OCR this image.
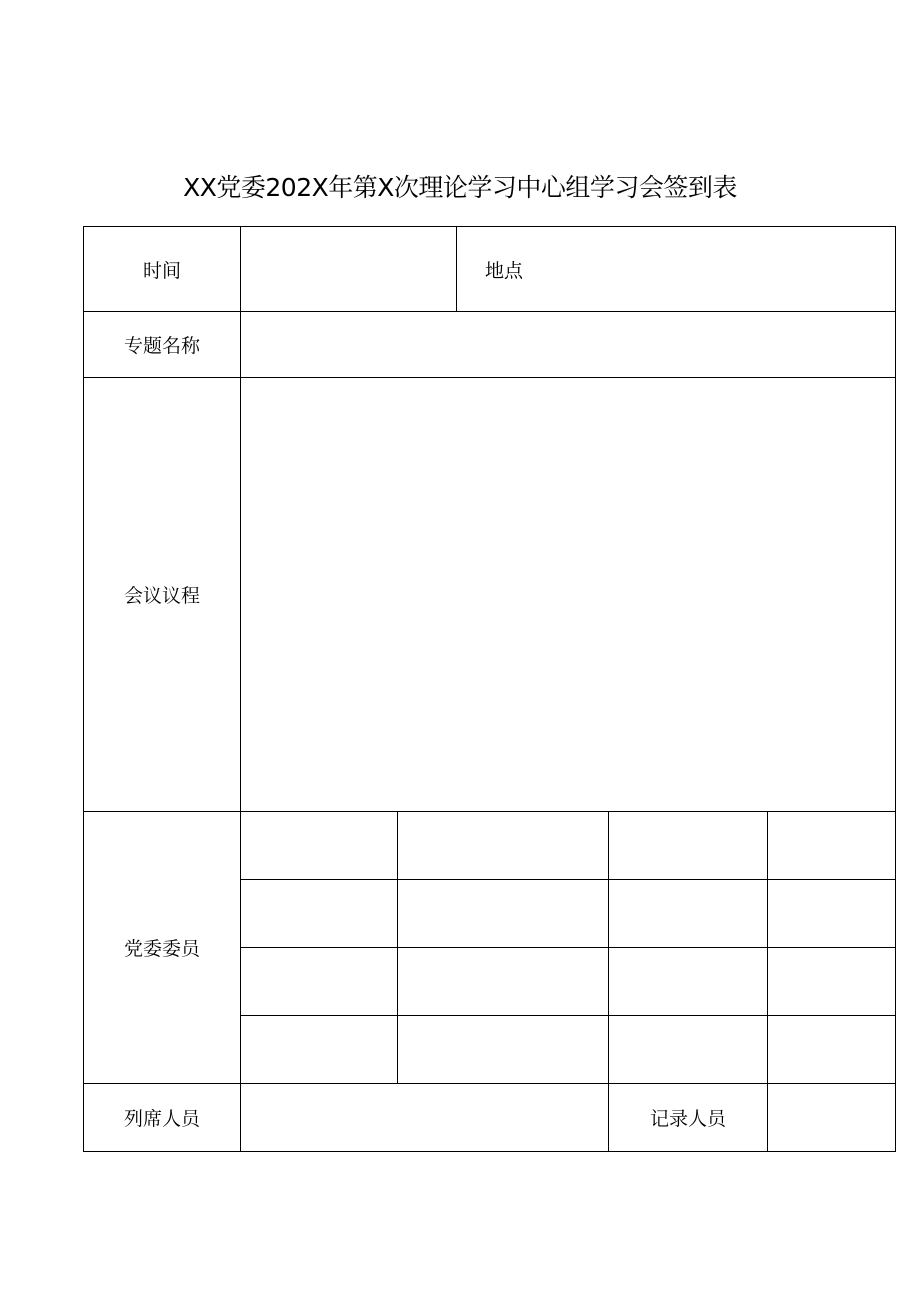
XX党委202X年第X次理论学习中心组学习会签到表
时间			地点		
专题名称					
会议议程					
党委委员					

列席人员				记录人员	
